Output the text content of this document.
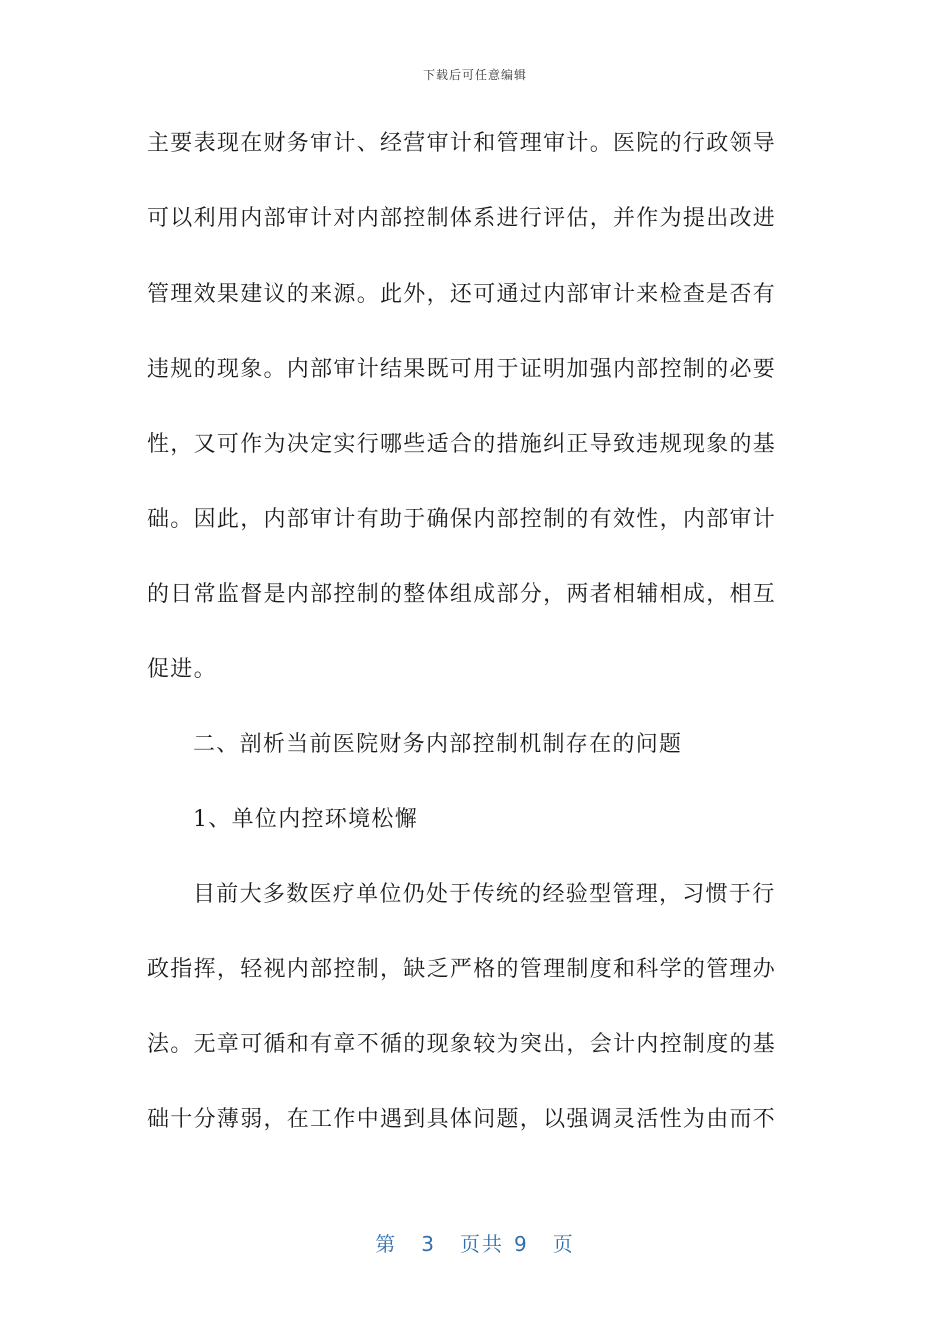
下载后可任意编辑
主要表现在财务审计、经营审计和管理审计。医院的行政领导
可以利用内部审计对内部控制体系进行评估，并作为提出改进
管理效果建议的来源。此外，还可通过内部审计来检查是否有
违规的现象。内部审计结果既可用于证明加强内部控制的必要
性，又可作为决定实行哪些适合的措施纠正导致违规现象的基
础。因此，内部审计有助于确保内部控制的有效性，内部审计
的日常监督是内部控制的整体组成部分，两者相辅相成，相互
促进。
二、剖析当前医院财务内部控制机制存在的问题
1、单位内控环境松懈
目前大多数医疗单位仍处于传统的经验型管理，习惯于行
政指挥，轻视内部控制，缺乏严格的管理制度和科学的管理办
法。无章可循和有章不循的现象较为突出，会计内控制度的基
础十分薄弱，在工作中遇到具体问题，以强调灵活性为由而不
第 3 页共 9 页
